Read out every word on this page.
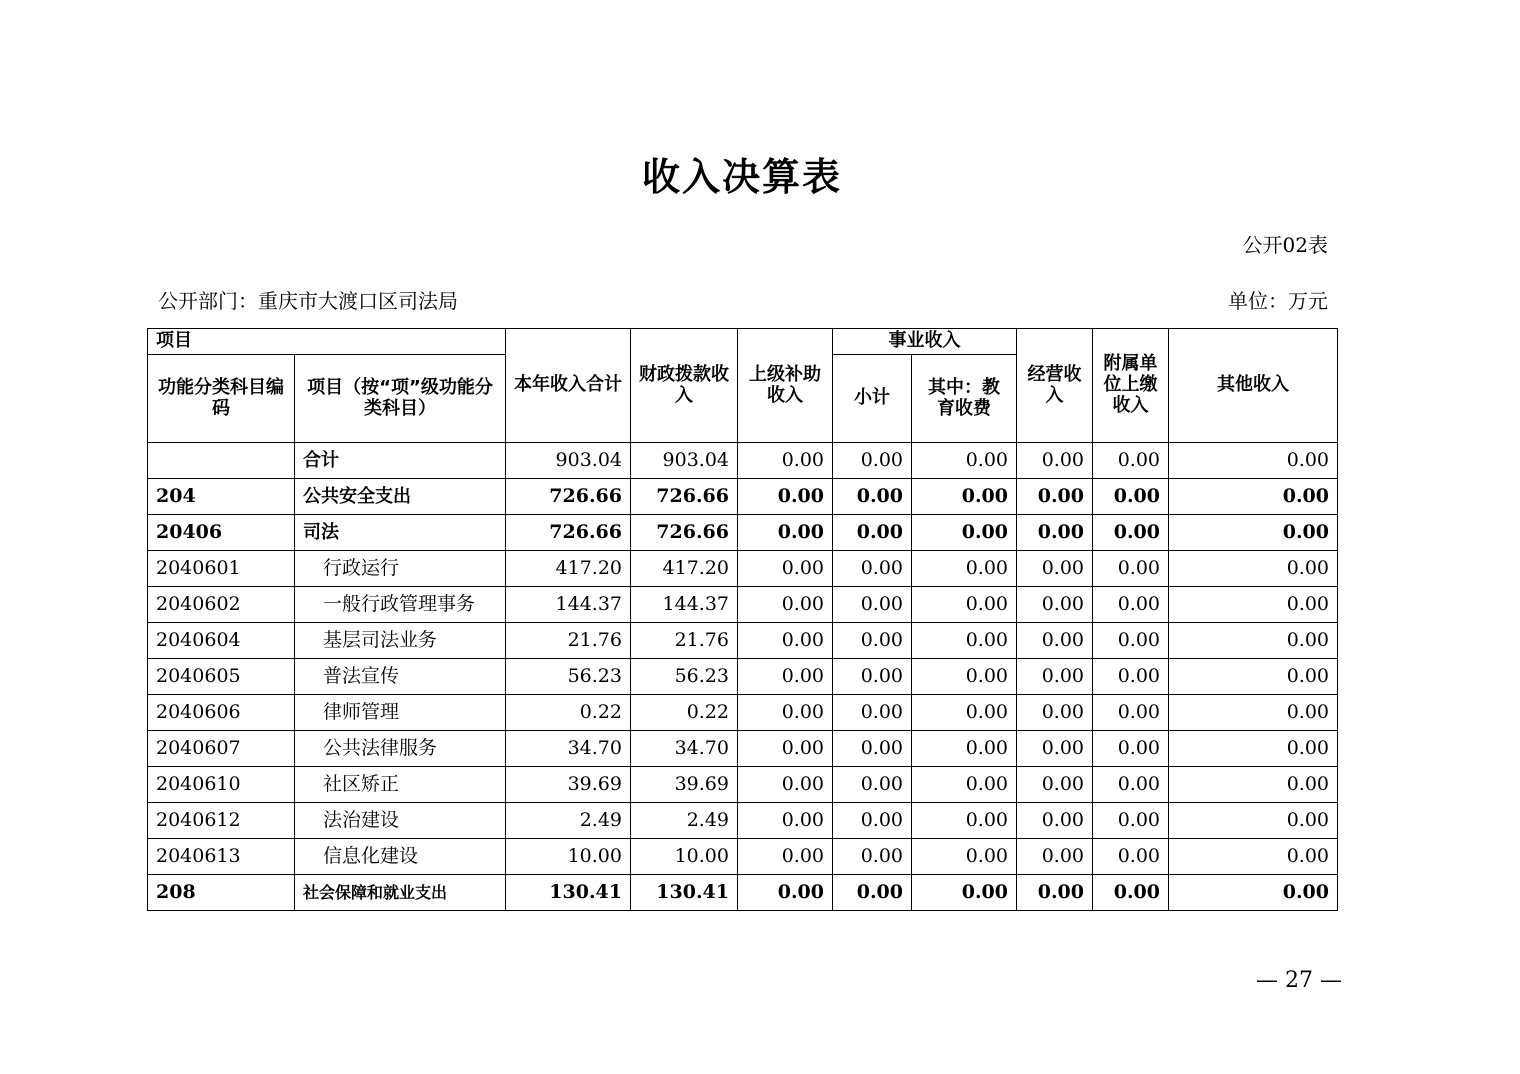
收入决算表
公开02表
公开部门：重庆市大渡口区司法局	单位：万元
项目		本年收入合计	财政拨款收入	上级补助收入	事业收入		经营收入	附属单位上缴收入	其他收入
功能分类科目编码	项目（按“项”级功能分类科目）				小计	其中：教育收费			
	合计	903.04	903.04	0.00	0.00	0.00	0.00	0.00	0.00
204	公共安全支出	726.66	726.66	0.00	0.00	0.00	0.00	0.00	0.00
20406	司法	726.66	726.66	0.00	0.00	0.00	0.00	0.00	0.00
2040601	行政运行	417.20	417.20	0.00	0.00	0.00	0.00	0.00	0.00
2040602	一般行政管理事务	144.37	144.37	0.00	0.00	0.00	0.00	0.00	0.00
2040604	基层司法业务	21.76	21.76	0.00	0.00	0.00	0.00	0.00	0.00
2040605	普法宣传	56.23	56.23	0.00	0.00	0.00	0.00	0.00	0.00
2040606	律师管理	0.22	0.22	0.00	0.00	0.00	0.00	0.00	0.00
2040607	公共法律服务	34.70	34.70	0.00	0.00	0.00	0.00	0.00	0.00
2040610	社区矫正	39.69	39.69	0.00	0.00	0.00	0.00	0.00	0.00
2040612	法治建设	2.49	2.49	0.00	0.00	0.00	0.00	0.00	0.00
2040613	信息化建设	10.00	10.00	0.00	0.00	0.00	0.00	0.00	0.00
208	社会保障和就业支出	130.41	130.41	0.00	0.00	0.00	0.00	0.00	0.00
— 27 —
